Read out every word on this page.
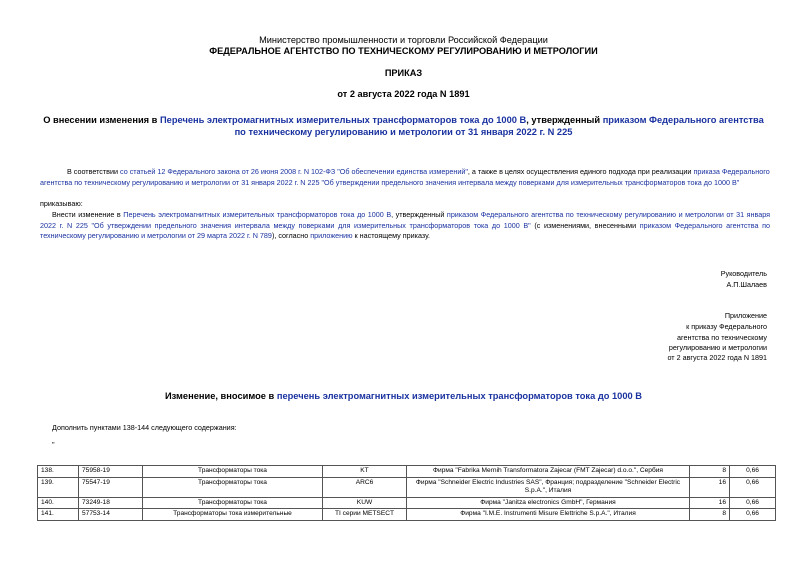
Министерство промышленности и торговли Российской Федерации
ФЕДЕРАЛЬНОЕ АГЕНТСТВО ПО ТЕХНИЧЕСКОМУ РЕГУЛИРОВАНИЮ И МЕТРОЛОГИИ
ПРИКАЗ
от 2 августа 2022 года N 1891
О внесении изменения в Перечень электромагнитных измерительных трансформаторов тока до 1000 В, утвержденный приказом Федерального агентства по техническому регулированию и метрологии от 31 января 2022 г. N 225
В соответствии со статьей 12 Федерального закона от 26 июня 2008 г. N 102-ФЗ "Об обеспечении единства измерений", а также в целях осуществления единого подхода при реализации приказа Федерального агентства по техническому регулированию и метрологии от 31 января 2022 г. N 225 "Об утверждении предельного значения интервала между поверками для измерительных трансформаторов тока до 1000 В"
приказываю:
Внести изменение в Перечень электромагнитных измерительных трансформаторов тока до 1000 В, утвержденный приказом Федерального агентства по техническому регулированию и метрологии от 31 января 2022 г. N 225 "Об утверждении предельного значения интервала между поверками для измерительных трансформаторов тока до 1000 В" (с изменениями, внесенными приказом Федерального агентства по техническому регулированию и метрологии от 29 марта 2022 г. N 789), согласно приложению к настоящему приказу.
Руководитель
А.П.Шалаев
Приложение
к приказу Федерального
агентства по техническому
регулированию и метрологии
от 2 августа 2022 года N 1891
Изменение, вносимое в перечень электромагнитных измерительных трансформаторов тока до 1000 В
Дополнить пунктами 138-144 следующего содержания:
"
138.	75958-19	Трансформаторы тока	KT	Фирма "Fabrika Mernih Transformatora Zajecar (FMT Zajecar) d.o.o.", Сербия	8	0,66
139.	75547-19	Трансформаторы тока	ARC6	Фирма "Schneider Electric Industries SAS", Франция; подразделение "Schneider Electric S.p.A.", Италия	16	0,66
140.	73249-18	Трансформаторы тока	KUW	Фирма "Janitza electronics GmbH", Германия	16	0,66
141.	57753-14	Трансформаторы тока измерительные	TI серии METSECT	Фирма "I.M.E. Instrumenti Misure Elettriche S.p.A.", Италия	8	0,66
